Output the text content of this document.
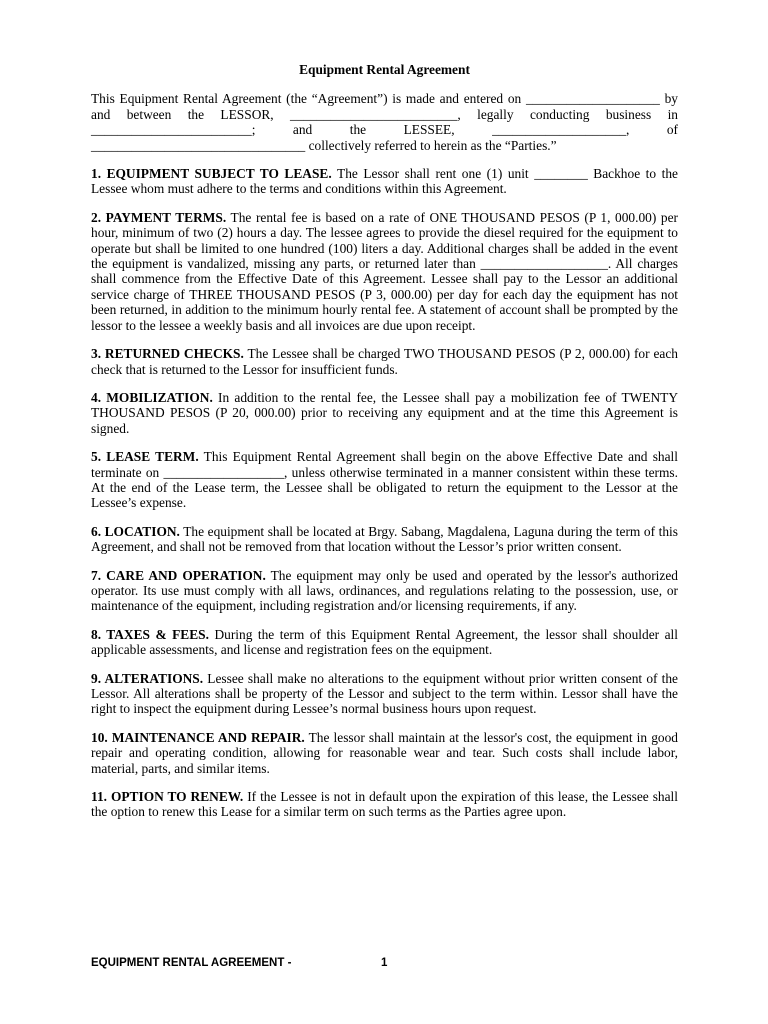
Equipment Rental Agreement
This Equipment Rental Agreement (the “Agreement”) is made and entered on ____________________ by and between the LESSOR, _________________________, legally conducting business in ________________________; and the LESSEE, ____________________, of ________________________________ collectively referred to herein as the “Parties.”
1. EQUIPMENT SUBJECT TO LEASE. The Lessor shall rent one (1) unit ________ Backhoe to the Lessee whom must adhere to the terms and conditions within this Agreement.
2. PAYMENT TERMS. The rental fee is based on a rate of ONE THOUSAND PESOS (P 1, 000.00) per hour, minimum of two (2) hours a day. The lessee agrees to provide the diesel required for the equipment to operate but shall be limited to one hundred (100) liters a day. Additional charges shall be added in the event the equipment is vandalized, missing any parts, or returned later than ___________________. All charges shall commence from the Effective Date of this Agreement. Lessee shall pay to the Lessor an additional service charge of THREE THOUSAND PESOS (P 3, 000.00) per day for each day the equipment has not been returned, in addition to the minimum hourly rental fee. A statement of account shall be prompted by the lessor to the lessee a weekly basis and all invoices are due upon receipt.
3. RETURNED CHECKS. The Lessee shall be charged TWO THOUSAND PESOS (P 2, 000.00) for each check that is returned to the Lessor for insufficient funds.
4. MOBILIZATION. In addition to the rental fee, the Lessee shall pay a mobilization fee of TWENTY THOUSAND PESOS (P 20, 000.00) prior to receiving any equipment and at the time this Agreement is signed.
5. LEASE TERM. This Equipment Rental Agreement shall begin on the above Effective Date and shall terminate on __________________, unless otherwise terminated in a manner consistent within these terms. At the end of the Lease term, the Lessee shall be obligated to return the equipment to the Lessor at the Lessee’s expense.
6. LOCATION. The equipment shall be located at Brgy. Sabang, Magdalena, Laguna during the term of this Agreement, and shall not be removed from that location without the Lessor’s prior written consent.
7. CARE AND OPERATION. The equipment may only be used and operated by the lessor's authorized operator. Its use must comply with all laws, ordinances, and regulations relating to the possession, use, or maintenance of the equipment, including registration and/or licensing requirements, if any.
8. TAXES & FEES. During the term of this Equipment Rental Agreement, the lessor shall shoulder all applicable assessments, and license and registration fees on the equipment.
9. ALTERATIONS. Lessee shall make no alterations to the equipment without prior written consent of the Lessor. All alterations shall be property of the Lessor and subject to the term within. Lessor shall have the right to inspect the equipment during Lessee’s normal business hours upon request.
10. MAINTENANCE AND REPAIR. The lessor shall maintain at the lessor's cost, the equipment in good repair and operating condition, allowing for reasonable wear and tear. Such costs shall include labor, material, parts, and similar items.
11. OPTION TO RENEW. If the Lessee is not in default upon the expiration of this lease, the Lessee shall the option to renew this Lease for a similar term on such terms as the Parties agree upon.
EQUIPMENT RENTAL AGREEMENT -	1
